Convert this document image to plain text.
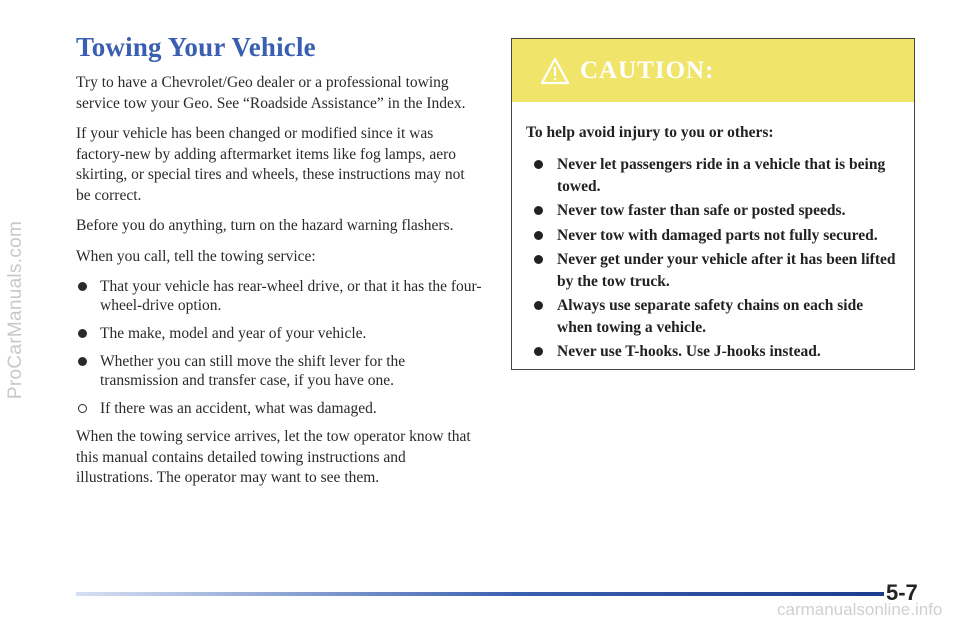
ProCarManuals.com
Towing Your Vehicle

Try to have a Chevrolet/Geo dealer or a professional towing service tow your Geo. See “Roadside Assistance” in the Index.

If your vehicle has been changed or modified since it was factory-new by adding aftermarket items like fog lamps, aero skirting, or special tires and wheels, these instructions may not be correct.

Before you do anything, turn on the hazard warning flashers.

When you call, tell the towing service:

That your vehicle has rear-wheel drive, or that it has the four-wheel-drive option.
The make, model and year of your vehicle.
Whether you can still move the shift lever for the transmission and transfer case, if you have one.
If there was an accident, what was damaged.

When the towing service arrives, let the tow operator know that this manual contains detailed towing instructions and illustrations. The operator may want to see them.

CAUTION:
To help avoid injury to you or others:
Never let passengers ride in a vehicle that is being towed.
Never tow faster than safe or posted speeds.
Never tow with damaged parts not fully secured.
Never get under your vehicle after it has been lifted by the tow truck.
Always use separate safety chains on each side when towing a vehicle.
Never use T-hooks. Use J-hooks instead.
5-7
carmanualsonline.info
